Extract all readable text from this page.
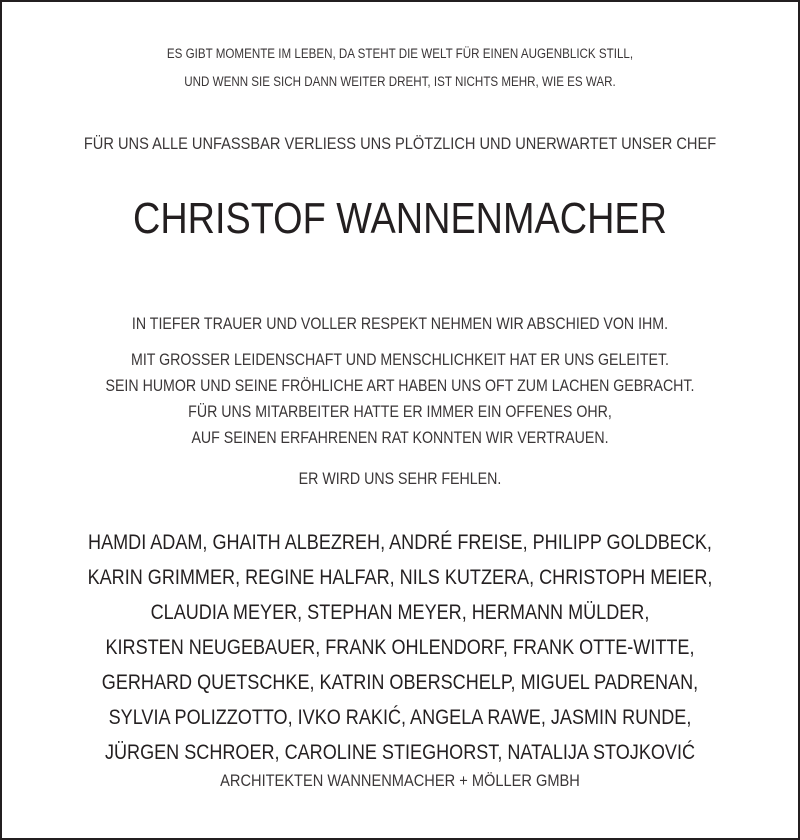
ES GIBT MOMENTE IM LEBEN, DA STEHT DIE WELT FÜR EINEN AUGENBLICK STILL,
UND WENN SIE SICH DANN WEITER DREHT, IST NICHTS MEHR, WIE ES WAR.
FÜR UNS ALLE UNFASSBAR VERLIESS UNS PLÖTZLICH UND UNERWARTET UNSER CHEF
CHRISTOF WANNENMACHER
IN TIEFER TRAUER UND VOLLER RESPEKT NEHMEN WIR ABSCHIED VON IHM.
MIT GROSSER LEIDENSCHAFT UND MENSCHLICHKEIT HAT ER UNS GELEITET.
SEIN HUMOR UND SEINE FRÖHLICHE ART HABEN UNS OFT ZUM LACHEN GEBRACHT.
FÜR UNS MITARBEITER HATTE ER IMMER EIN OFFENES OHR,
AUF SEINEN ERFAHRENEN RAT KONNTEN WIR VERTRAUEN.
ER WIRD UNS SEHR FEHLEN.
HAMDI ADAM, GHAITH ALBEZREH, ANDRÉ FREISE, PHILIPP GOLDBECK,
KARIN GRIMMER, REGINE HALFAR, NILS KUTZERA, CHRISTOPH MEIER,
CLAUDIA MEYER, STEPHAN MEYER, HERMANN MÜLDER,
KIRSTEN NEUGEBAUER, FRANK OHLENDORF, FRANK OTTE-WITTE,
GERHARD QUETSCHKE, KATRIN OBERSCHELP, MIGUEL PADRENAN,
SYLVIA POLIZZOTTO, IVKO RAKIĆ, ANGELA RAWE, JASMIN RUNDE,
JÜRGEN SCHROER, CAROLINE STIEGHORST, NATALIJA STOJKOVIĆ
ARCHITEKTEN WANNENMACHER + MÖLLER GMBH
